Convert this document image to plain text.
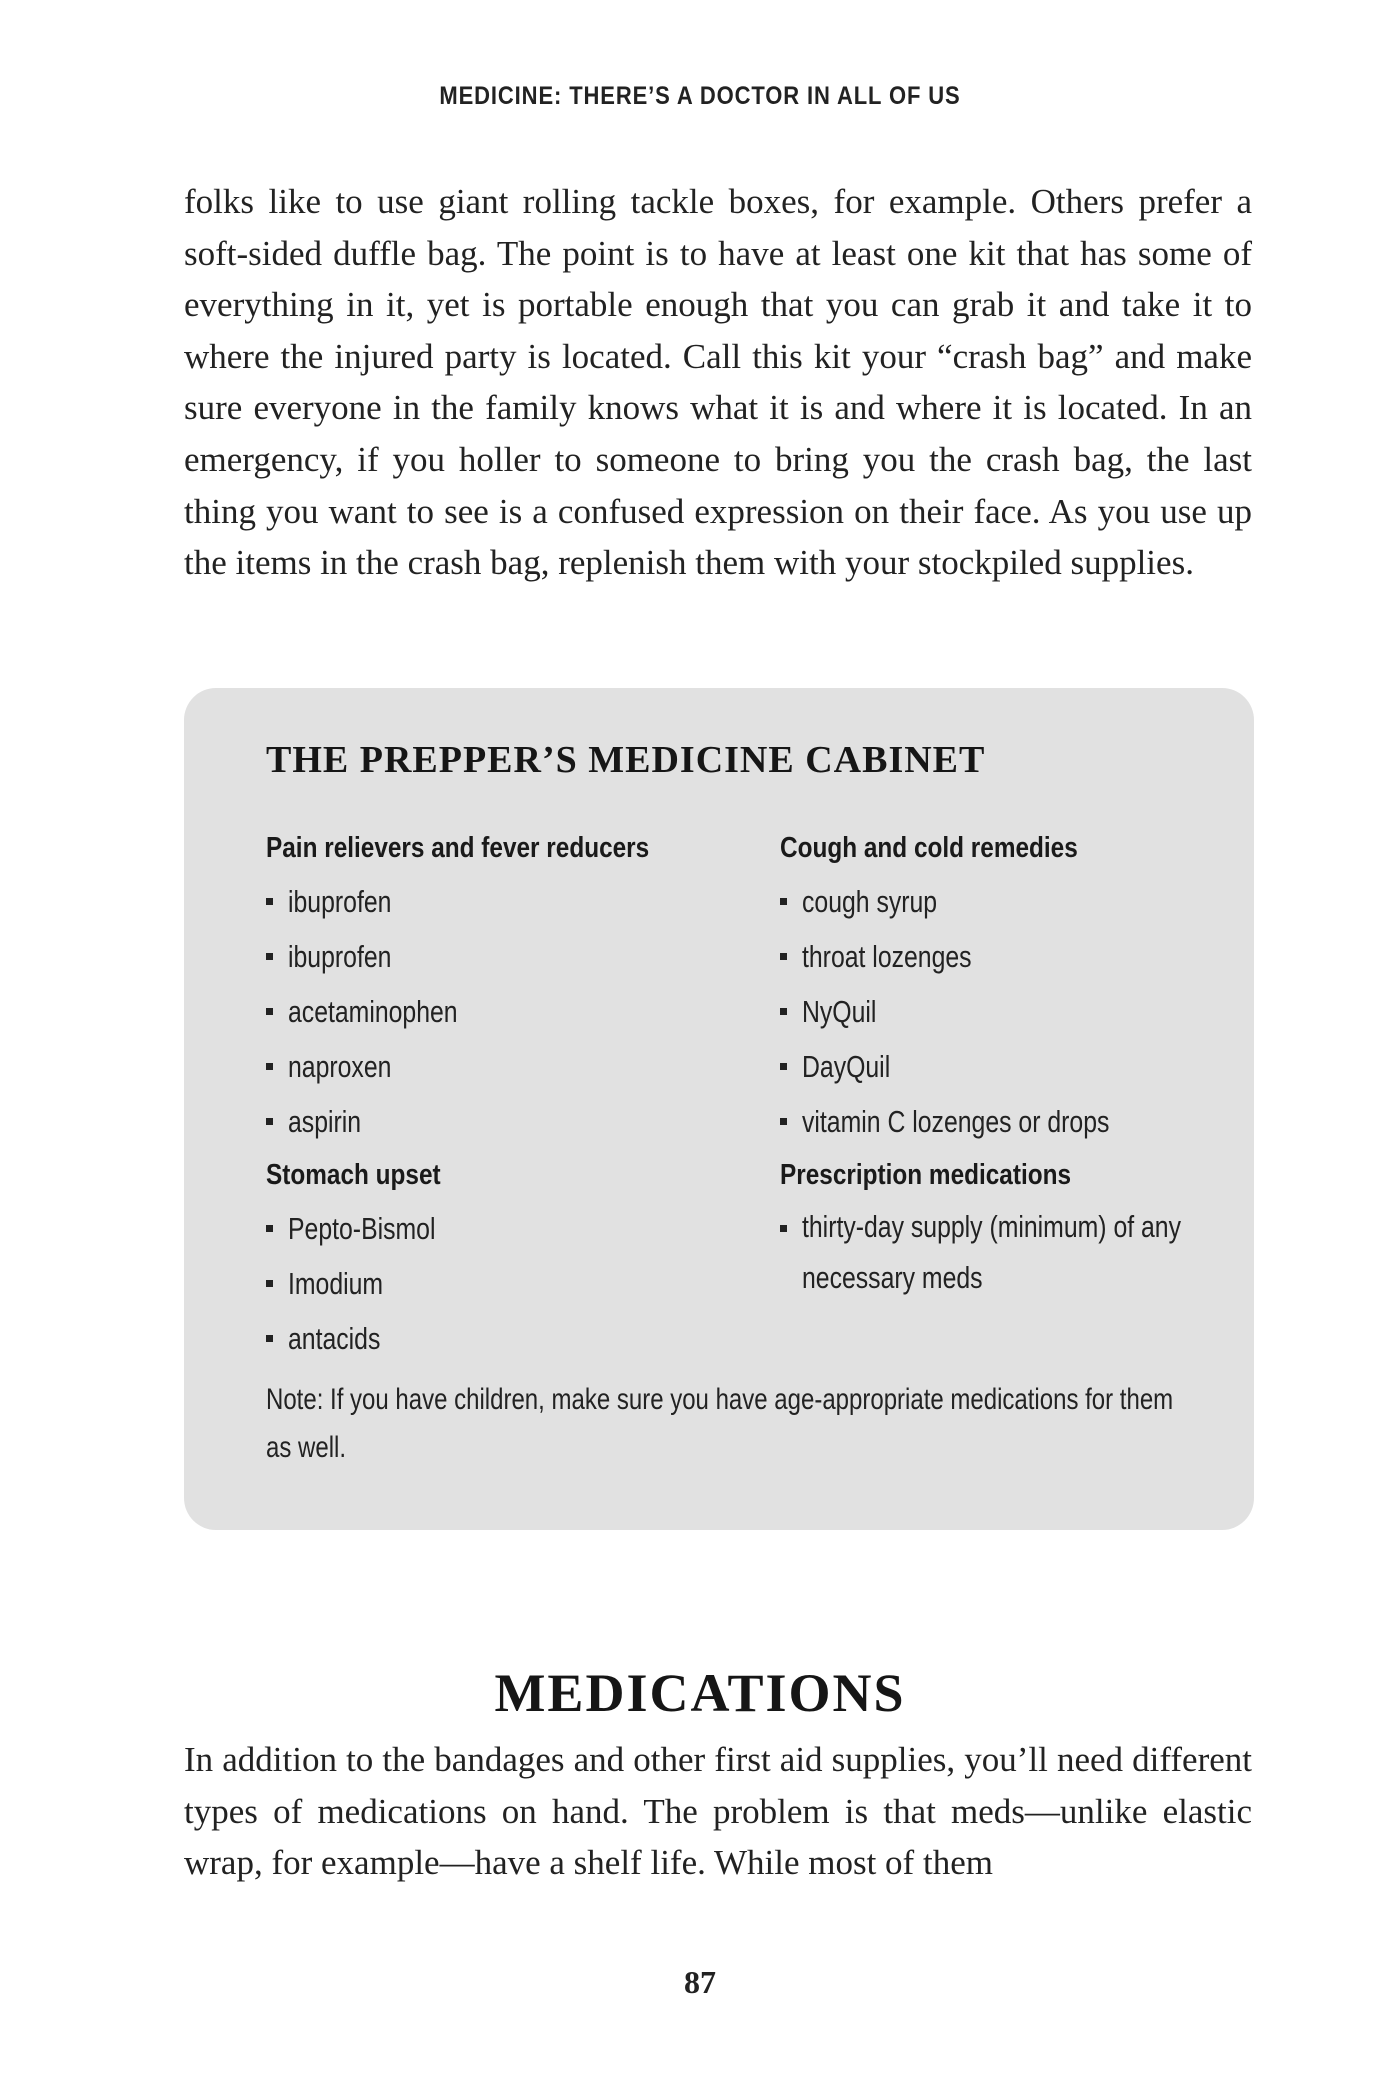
MEDICINE: THERE’S A DOCTOR IN ALL OF US

folks like to use giant rolling tackle boxes, for example. Others prefer a soft-sided duffle bag. The point is to have at least one kit that has some of everything in it, yet is portable enough that you can grab it and take it to where the injured party is located. Call this kit your “crash bag” and make sure everyone in the family knows what it is and where it is located. In an emergency, if you holler to someone to bring you the crash bag, the last thing you want to see is a confused expression on their face. As you use up the items in the crash bag, replenish them with your stockpiled supplies.

THE PREPPER’S MEDICINE CABINET
Pain relievers and fever reducers
ibuprofen
ibuprofen
acetaminophen
naproxen
aspirin
Stomach upset
Pepto-Bismol
Imodium
antacids
Cough and cold remedies
cough syrup
throat lozenges
NyQuil
DayQuil
vitamin C lozenges or drops
Prescription medications
thirty-day supply (minimum) of any necessary meds

Note: If you have children, make sure you have age-appropriate medications for them as well.

MEDICATIONS

In addition to the bandages and other first aid supplies, you’ll need different types of medications on hand. The problem is that meds—unlike elastic wrap, for example—have a shelf life. While most of them

87
